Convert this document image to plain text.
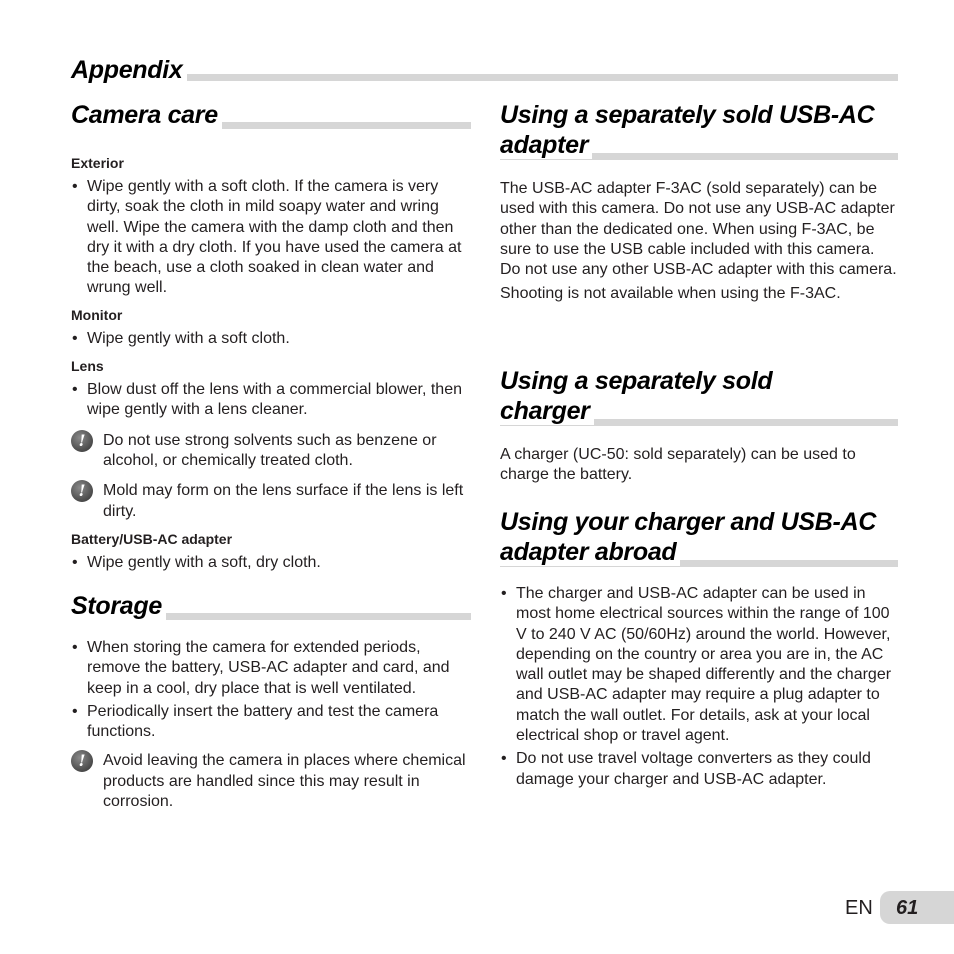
Appendix
Camera care

Exterior

• Wipe gently with a soft cloth. If the camera is very dirty, soak the cloth in mild soapy water and wring well. Wipe the camera with the damp cloth and then dry it with a dry cloth. If you have used the camera at the beach, use a cloth soaked in clean water and wrung well.

Monitor

• Wipe gently with a soft cloth.

Lens

• Blow dust off the lens with a commercial blower, then wipe gently with a lens cleaner.

!	Do not use strong solvents such as benzene or alcohol, or chemically treated cloth.
!	Mold may form on the lens surface if the lens is left dirty.

Battery/USB-AC adapter

• Wipe gently with a soft, dry cloth.

Storage

• When storing the camera for extended periods, remove the battery, USB-AC adapter and card, and keep in a cool, dry place that is well ventilated.

• Periodically insert the battery and test the camera functions.

!	Avoid leaving the camera in places where chemical products are handled since this may result in corrosion.
Using a separately sold USB-AC
adapter

The USB-AC adapter F-3AC (sold separately) can be used with this camera. Do not use any USB-AC adapter other than the dedicated one. When using F-3AC, be sure to use the USB cable included with this camera.

Do not use any other USB-AC adapter with this camera.

Shooting is not available when using the F-3AC.

Using a separately sold
charger

A charger (UC-50: sold separately) can be used to charge the battery.

Using your charger and USB-AC
adapter abroad

• The charger and USB-AC adapter can be used in most home electrical sources within the range of 100 V to 240 V AC (50/60Hz) around the world. However, depending on the country or area you are in, the AC wall outlet may be shaped differently and the charger and USB-AC adapter may require a plug adapter to match the wall outlet. For details, ask at your local electrical shop or travel agent.

• Do not use travel voltage converters as they could damage your charger and USB-AC adapter.

EN 61
